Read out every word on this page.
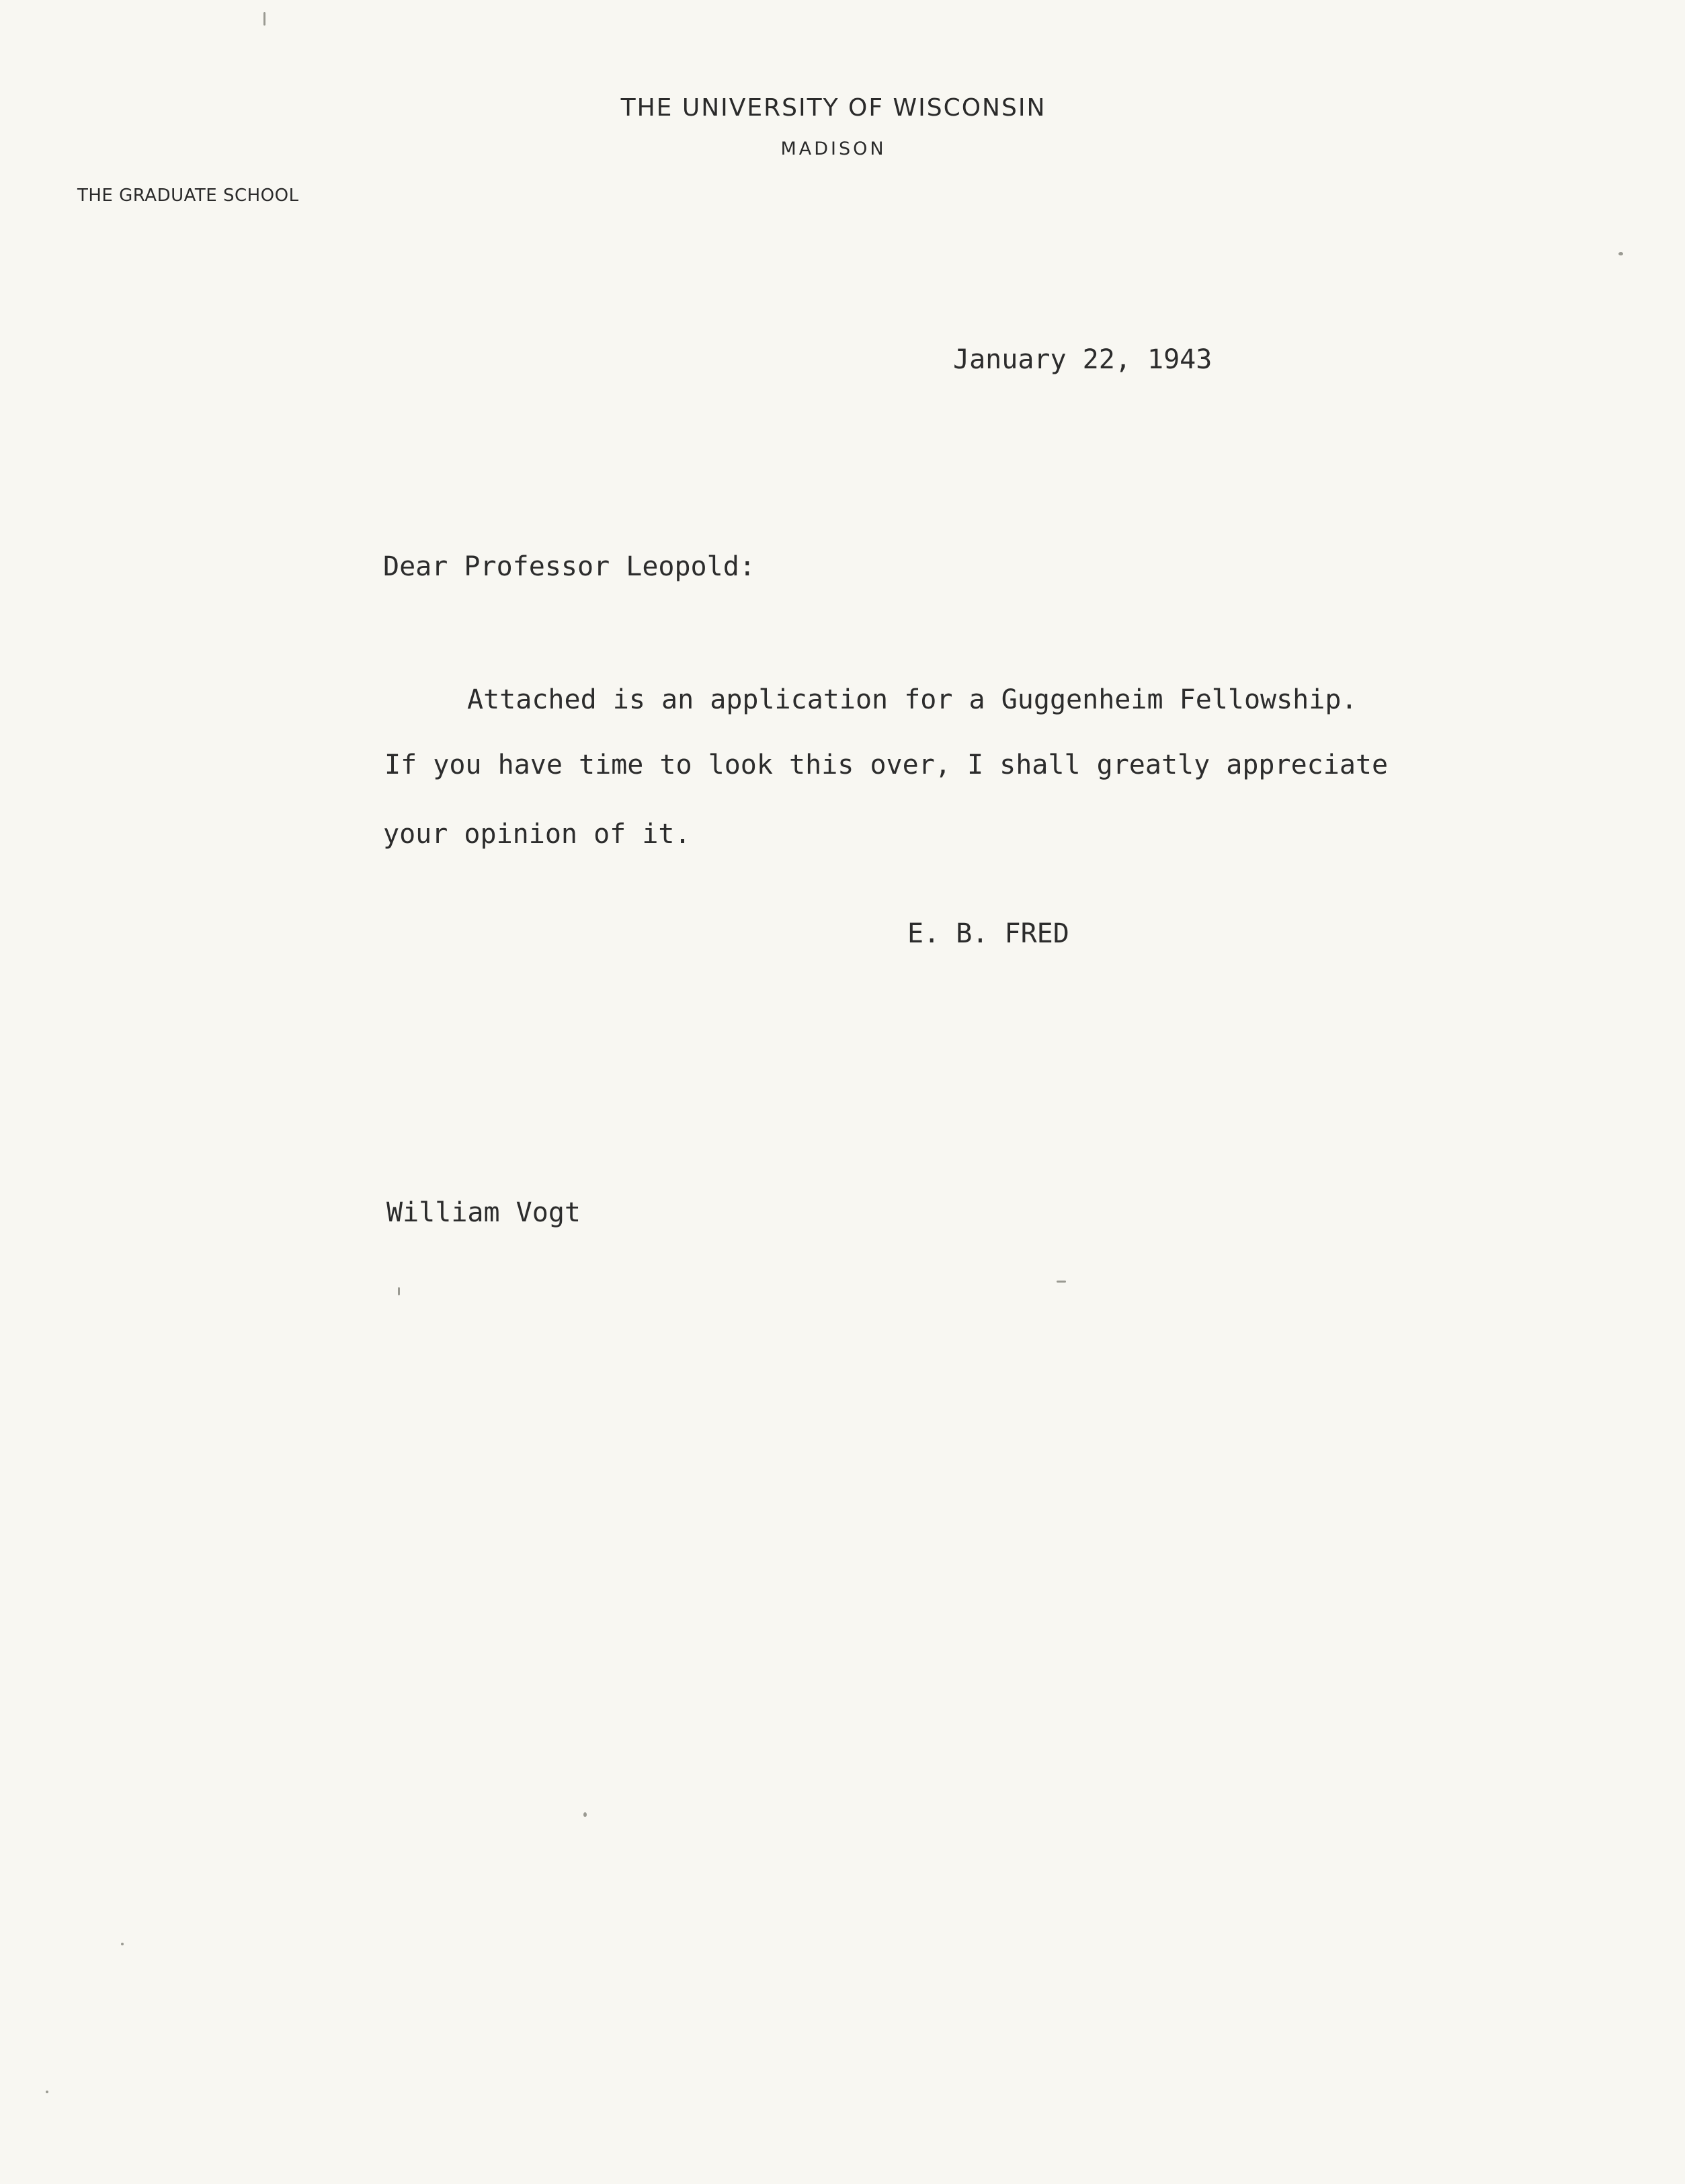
THE UNIVERSITY OF WISCONSIN
MADISON
THE GRADUATE SCHOOL
January 22, 1943
Dear Professor Leopold:
Attached is an application for a Guggenheim Fellowship.
If you have time to look this over, I shall greatly appreciate
your opinion of it.
E. B. FRED
William Vogt
